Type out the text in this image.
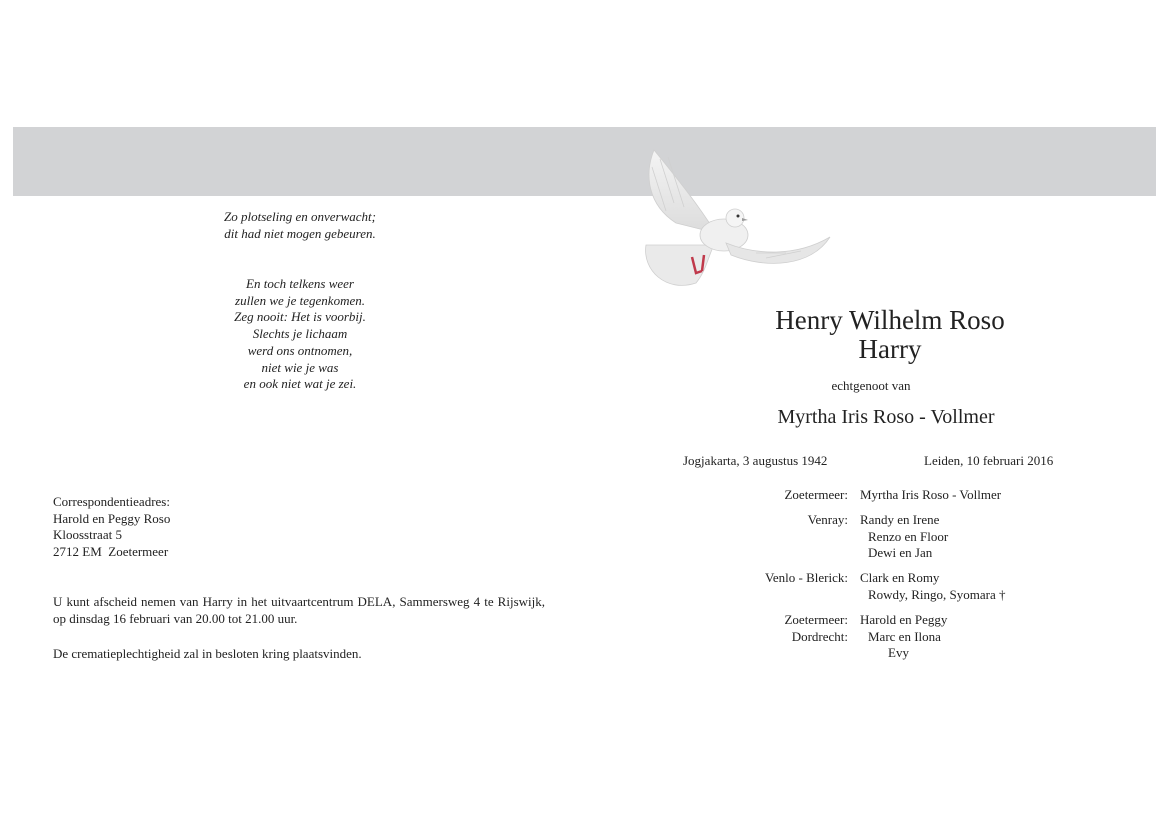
Zo plotseling en onverwacht;
dit had niet mogen gebeuren.
En toch telkens weer
zullen we je tegenkomen.
Zeg nooit: Het is voorbij.
Slechts je lichaam
werd ons ontnomen,
niet wie je was
en ook niet wat je zei.
Correspondentieadres:
Harold en Peggy Roso
Kloosstraat 5
2712 EM  Zoetermeer
U kunt afscheid nemen van Harry in het uitvaartcentrum DELA, Sammersweg 4 te Rijswijk, op dinsdag 16 februari van 20.00 tot 21.00 uur.
De crematieplechtigheid zal in besloten kring plaatsvinden.
Henry Wilhelm Roso
Harry
echtgenoot van
Myrtha Iris Roso - Vollmer
Jogjakarta, 3 augustus 1942	Leiden, 10 februari 2016
Zoetermeer: Myrtha Iris Roso - Vollmer
Venray: Randy en Irene
Renzo en Floor
Dewi en Jan
Venlo - Blerick: Clark en Romy
Rowdy, Ringo, Syomara †
Zoetermeer: Harold en Peggy
Dordrecht:	Marc en Ilona
Evy
